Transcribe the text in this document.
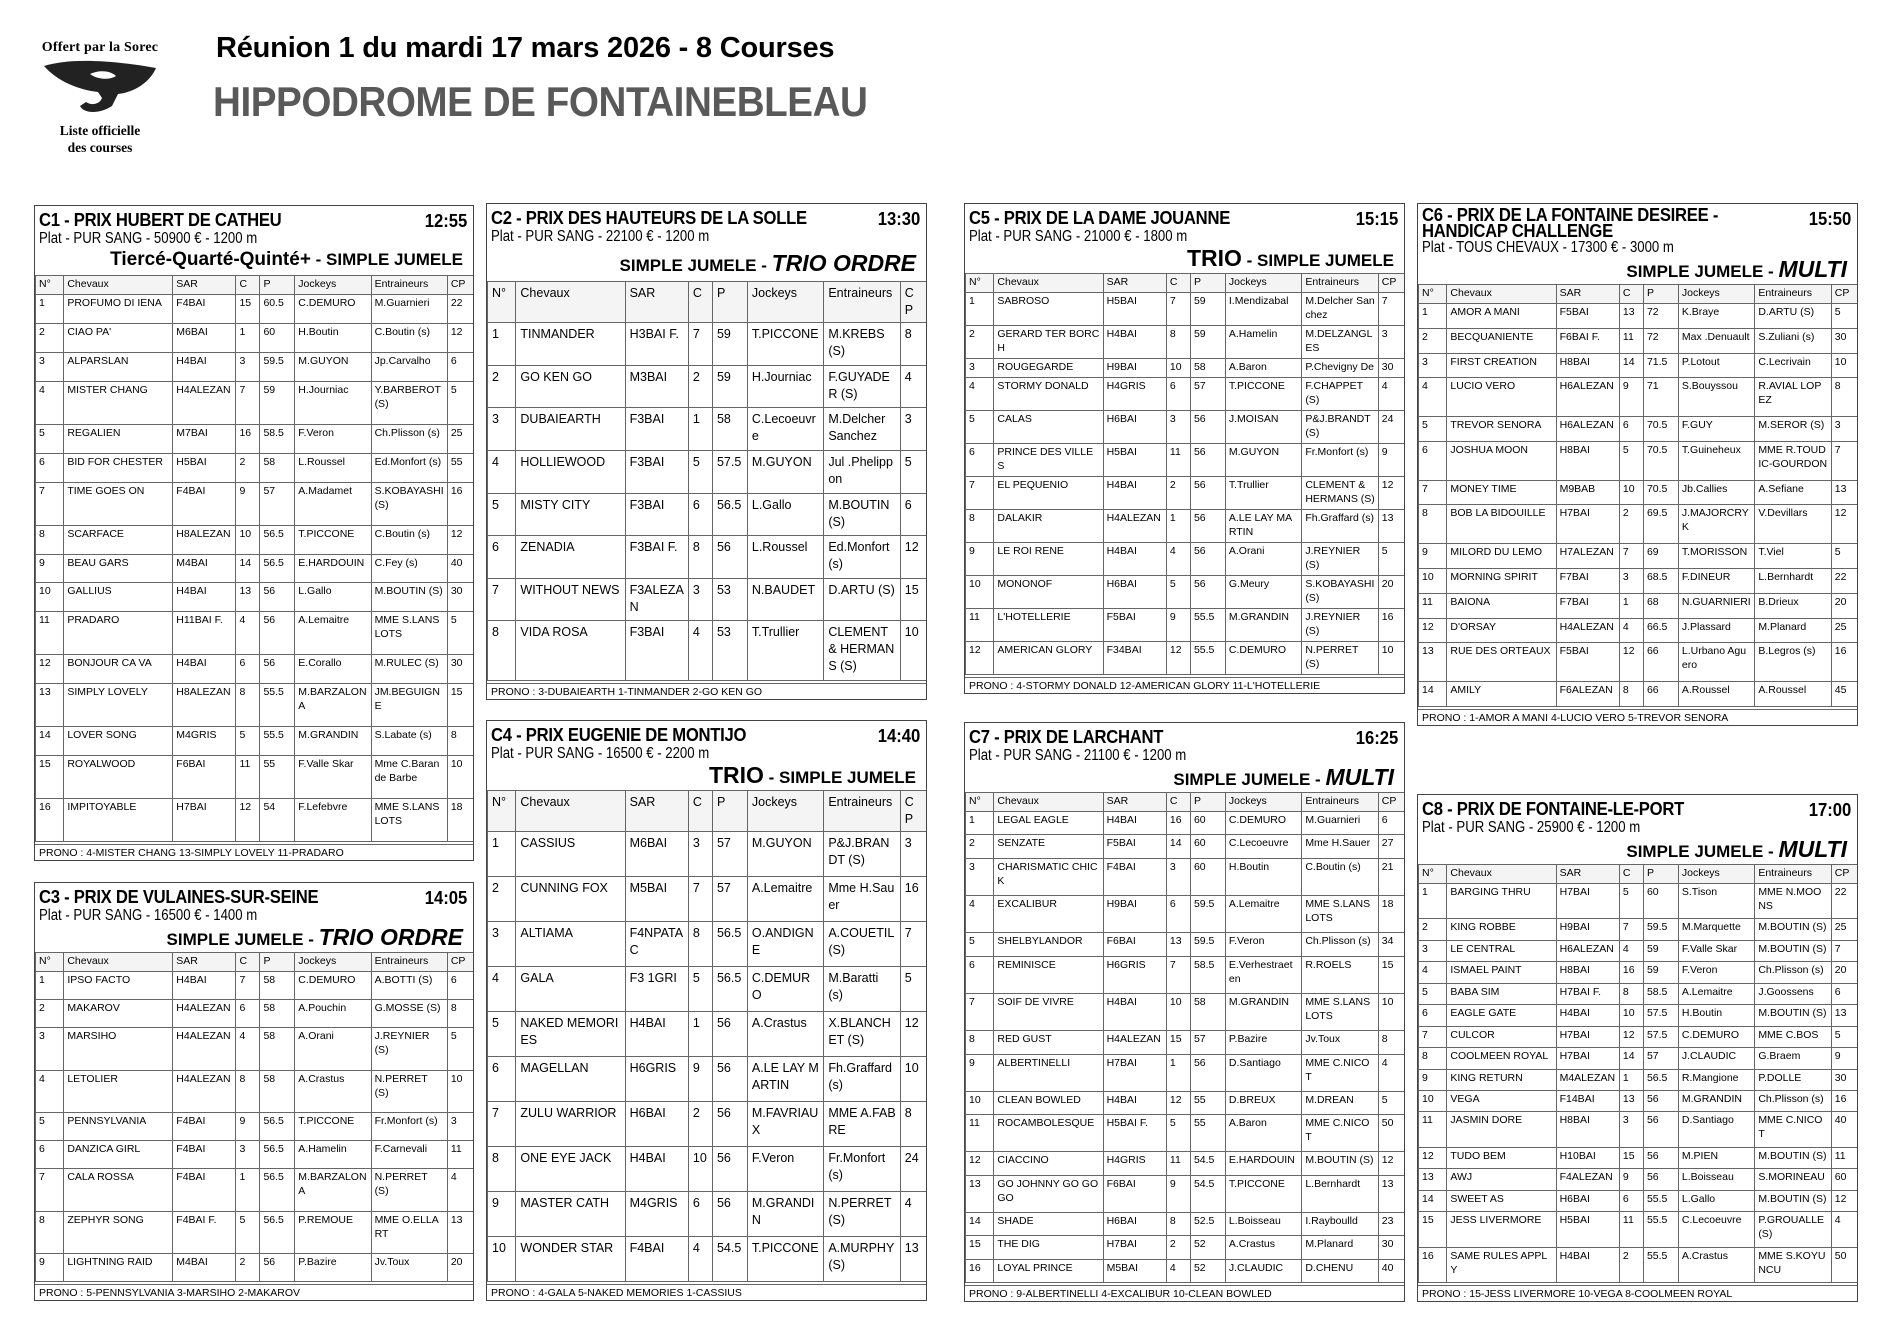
Offert par la Sorec
Liste officielle
des courses
Réunion 1 du mardi 17 mars 2026 - 8 Courses
HIPPODROME DE FONTAINEBLEAU
C1 - PRIX HUBERT DE CATHEU	12:55
Plat - PUR SANG - 50900 € - 1200 m
Tiercé-Quarté-Quinté+ - SIMPLE JUMELE
N°	Chevaux	SAR	C	P	Jockeys	Entraineurs	CP
1	PROFUMO DI IENA	F4BAI	15	60.5	C.DEMURO	M.Guarnieri	22
2	CIAO PA'	M6BAI	1	60	H.Boutin	C.Boutin (s)	12
3	ALPARSLAN	H4BAI	3	59.5	M.GUYON	Jp.Carvalho	6
4	MISTER CHANG	H4ALEZAN	7	59	H.Journiac	Y.BARBEROT (S)	5
5	REGALIEN	M7BAI	16	58.5	F.Veron	Ch.Plisson (s)	25
6	BID FOR CHESTER	H5BAI	2	58	L.Roussel	Ed.Monfort (s)	55
7	TIME GOES ON	F4BAI	9	57	A.Madamet	S.KOBAYASHI (S)	16
8	SCARFACE	H8ALEZAN	10	56.5	T.PICCONE	C.Boutin (s)	12
9	BEAU GARS	M4BAI	14	56.5	E.HARDOUIN	C.Fey (s)	40
10	GALLIUS	H4BAI	13	56	L.Gallo	M.BOUTIN (S)	30
11	PRADARO	H11BAI F.	4	56	A.Lemaitre	MME S.LANSLOTS	5
12	BONJOUR CA VA	H4BAI	6	56	E.Corallo	M.RULEC (S)	30
13	SIMPLY LOVELY	H8ALEZAN	8	55.5	M.BARZALONA	JM.BEGUIGNE	15
14	LOVER SONG	M4GRIS	5	55.5	M.GRANDIN	S.Labate (s)	8
15	ROYALWOOD	F6BAI	11	55	F.Valle Skar	Mme C.Barande Barbe	10
16	IMPITOYABLE	H7BAI	12	54	F.Lefebvre	MME S.LANSLOTS	18
PRONO : 4-MISTER CHANG 13-SIMPLY LOVELY 11-PRADARO
C2 - PRIX DES HAUTEURS DE LA SOLLE	13:30
Plat - PUR SANG - 22100 € - 1200 m
SIMPLE JUMELE - TRIO ORDRE
N°	Chevaux	SAR	C	P	Jockeys	Entraineurs	CP
1	TINMANDER	H3BAI F.	7	59	T.PICCONE	M.KREBS (S)	8
2	GO KEN GO	M3BAI	2	59	H.Journiac	F.GUYADER (S)	4
3	DUBAIEARTH	F3BAI	1	58	C.Lecoeuvre	M.Delcher Sanchez	3
4	HOLLIEWOOD	F3BAI	5	57.5	M.GUYON	Jul .Phelippon	5
5	MISTY CITY	F3BAI	6	56.5	L.Gallo	M.BOUTIN (S)	6
6	ZENADIA	F3BAI F.	8	56	L.Roussel	Ed.Monfort (s)	12
7	WITHOUT NEWS	F3ALEZAN	3	53	N.BAUDET	D.ARTU (S)	15
8	VIDA ROSA	F3BAI	4	53	T.Trullier	CLEMENT & HERMANS (S)	10
PRONO : 3-DUBAIEARTH 1-TINMANDER 2-GO KEN GO
C3 - PRIX DE VULAINES-SUR-SEINE	14:05
Plat - PUR SANG - 16500 € - 1400 m
SIMPLE JUMELE - TRIO ORDRE
N°	Chevaux	SAR	C	P	Jockeys	Entraineurs	CP
1	IPSO FACTO	H4BAI	7	58	C.DEMURO	A.BOTTI (S)	6
2	MAKAROV	H4ALEZAN	6	58	A.Pouchin	G.MOSSE (S)	8
3	MARSIHO	H4ALEZAN	4	58	A.Orani	J.REYNIER (S)	5
4	LETOLIER	H4ALEZAN	8	58	A.Crastus	N.PERRET (S)	10
5	PENNSYLVANIA	F4BAI	9	56.5	T.PICCONE	Fr.Monfort (s)	3
6	DANZICA GIRL	F4BAI	3	56.5	A.Hamelin	F.Carnevali	11
7	CALA ROSSA	F4BAI	1	56.5	M.BARZALONA	N.PERRET (S)	4
8	ZEPHYR SONG	F4BAI F.	5	56.5	P.REMOUE	MME O.ELLART	13
9	LIGHTNING RAID	M4BAI	2	56	P.Bazire	Jv.Toux	20
PRONO : 5-PENNSYLVANIA 3-MARSIHO 2-MAKAROV
C4 - PRIX EUGENIE DE MONTIJO	14:40
Plat - PUR SANG - 16500 € - 2200 m
TRIO - SIMPLE JUMELE
N°	Chevaux	SAR	C	P	Jockeys	Entraineurs	CP
1	CASSIUS	M6BAI	3	57	M.GUYON	P&J.BRANDT (S)	3
2	CUNNING FOX	M5BAI	7	57	A.Lemaitre	Mme H.Sauer	16
3	ALTIAMA	F4NPATAC	8	56.5	O.ANDIGNE	A.COUETIL (S)	7
4	GALA	F3 1GRI	5	56.5	C.DEMURO	M.Baratti (s)	5
5	NAKED MEMORIES	H4BAI	1	56	A.Crastus	X.BLANCHET (S)	12
6	MAGELLAN	H6GRIS	9	56	A.LE LAY MARTIN	Fh.Graffard (s)	10
7	ZULU WARRIOR	H6BAI	2	56	M.FAVRIAUX	MME A.FABRE	8
8	ONE EYE JACK	H4BAI	10	56	F.Veron	Fr.Monfort (s)	24
9	MASTER CATH	M4GRIS	6	56	M.GRANDIN	N.PERRET (S)	4
10	WONDER STAR	F4BAI	4	54.5	T.PICCONE	A.MURPHY (S)	13
PRONO : 4-GALA 5-NAKED MEMORIES 1-CASSIUS
C5 - PRIX DE LA DAME JOUANNE	15:15
Plat - PUR SANG - 21000 € - 1800 m
TRIO - SIMPLE JUMELE
N°	Chevaux	SAR	C	P	Jockeys	Entraineurs	CP
1	SABROSO	H5BAI	7	59	I.Mendizabal	M.Delcher Sanchez	7
2	GERARD TER BORCH	H4BAI	8	59	A.Hamelin	M.DELZANGLES	3
3	ROUGEGARDE	H9BAI	10	58	A.Baron	P.Chevigny De	30
4	STORMY DONALD	H4GRIS	6	57	T.PICCONE	F.CHAPPET (S)	4
5	CALAS	H6BAI	3	56	J.MOISAN	P&J.BRANDT (S)	24
6	PRINCE DES VILLES	H5BAI	11	56	M.GUYON	Fr.Monfort (s)	9
7	EL PEQUENIO	H4BAI	2	56	T.Trullier	CLEMENT & HERMANS (S)	12
8	DALAKIR	H4ALEZAN	1	56	A.LE LAY MARTIN	Fh.Graffard (s)	13
9	LE ROI RENE	H4BAI	4	56	A.Orani	J.REYNIER (S)	5
10	MONONOF	H6BAI	5	56	G.Meury	S.KOBAYASHI (S)	20
11	L'HOTELLERIE	F5BAI	9	55.5	M.GRANDIN	J.REYNIER (S)	16
12	AMERICAN GLORY	F34BAI	12	55.5	C.DEMURO	N.PERRET (S)	10
PRONO : 4-STORMY DONALD 12-AMERICAN GLORY 11-L'HOTELLERIE
C6 - PRIX DE LA FONTAINE DESIREE - HANDICAP CHALLENGE
15:50
Plat - TOUS CHEVAUX - 17300 € - 3000 m
SIMPLE JUMELE - MULTI
N°	Chevaux	SAR	C	P	Jockeys	Entraineurs	CP
1	AMOR A MANI	F5BAI	13	72	K.Braye	D.ARTU (S)	5
2	BECQUANIENTE	F6BAI F.	11	72	Max .Denuault	S.Zuliani (s)	30
3	FIRST CREATION	H8BAI	14	71.5	P.Lotout	C.Lecrivain	10
4	LUCIO VERO	H6ALEZAN	9	71	S.Bouyssou	R.AVIAL LOPEZ	8
5	TREVOR SENORA	H6ALEZAN	6	70.5	F.GUY	M.SEROR (S)	3
6	JOSHUA MOON	H8BAI	5	70.5	T.Guineheux	MME R.TOUDIC-GOURDON	7
7	MONEY TIME	M9BAB	10	70.5	Jb.Callies	A.Sefiane	13
8	BOB LA BIDOUILLE	H7BAI	2	69.5	J.MAJORCRYK	V.Devillars	12
9	MILORD DU LEMO	H7ALEZAN	7	69	T.MORISSON	T.Viel	5
10	MORNING SPIRIT	F7BAI	3	68.5	F.DINEUR	L.Bernhardt	22
11	BAIONA	F7BAI	1	68	N.GUARNIERI	B.Drieux	20
12	D'ORSAY	H4ALEZAN	4	66.5	J.Plassard	M.Planard	25
13	RUE DES ORTEAUX	F5BAI	12	66	L.Urbano Aguero	B.Legros (s)	16
14	AMILY	F6ALEZAN	8	66	A.Roussel	A.Roussel	45
PRONO : 1-AMOR A MANI 4-LUCIO VERO 5-TREVOR SENORA
C7 - PRIX DE LARCHANT	16:25
Plat - PUR SANG - 21100 € - 1200 m
SIMPLE JUMELE - MULTI
N°	Chevaux	SAR	C	P	Jockeys	Entraineurs	CP
1	LEGAL EAGLE	H4BAI	16	60	C.DEMURO	M.Guarnieri	6
2	SENZATE	F5BAI	14	60	C.Lecoeuvre	Mme H.Sauer	27
3	CHARISMATIC CHICK	F4BAI	3	60	H.Boutin	C.Boutin (s)	21
4	EXCALIBUR	H9BAI	6	59.5	A.Lemaitre	MME S.LANSLOTS	18
5	SHELBYLANDOR	F6BAI	13	59.5	F.Veron	Ch.Plisson (s)	34
6	REMINISCE	H6GRIS	7	58.5	E.Verhestraeten	R.ROELS	15
7	SOIF DE VIVRE	H4BAI	10	58	M.GRANDIN	MME S.LANSLOTS	10
8	RED GUST	H4ALEZAN	15	57	P.Bazire	Jv.Toux	8
9	ALBERTINELLI	H7BAI	1	56	D.Santiago	MME C.NICOT	4
10	CLEAN BOWLED	H4BAI	12	55	D.BREUX	M.DREAN	5
11	ROCAMBOLESQUE	H5BAI F.	5	55	A.Baron	MME C.NICOT	50
12	CIACCINO	H4GRIS	11	54.5	E.HARDOUIN	M.BOUTIN (S)	12
13	GO JOHNNY GO GO GO	F6BAI	9	54.5	T.PICCONE	L.Bernhardt	13
14	SHADE	H6BAI	8	52.5	L.Boisseau	I.Rayboulld	23
15	THE DIG	H7BAI	2	52	A.Crastus	M.Planard	30
16	LOYAL PRINCE	M5BAI	4	52	J.CLAUDIC	D.CHENU	40
PRONO : 9-ALBERTINELLI 4-EXCALIBUR 10-CLEAN BOWLED
C8 - PRIX DE FONTAINE-LE-PORT	17:00
Plat - PUR SANG - 25900 € - 1200 m
SIMPLE JUMELE - MULTI
N°	Chevaux	SAR	C	P	Jockeys	Entraineurs	CP
1	BARGING THRU	H7BAI	5	60	S.Tison	MME N.MOONS	22
2	KING ROBBE	H9BAI	7	59.5	M.Marquette	M.BOUTIN (S)	25
3	LE CENTRAL	H6ALEZAN	4	59	F.Valle Skar	M.BOUTIN (S)	7
4	ISMAEL PAINT	H8BAI	16	59	F.Veron	Ch.Plisson (s)	20
5	BABA SIM	H7BAI F.	8	58.5	A.Lemaitre	J.Goossens	6
6	EAGLE GATE	H4BAI	10	57.5	H.Boutin	M.BOUTIN (S)	13
7	CULCOR	H7BAI	12	57.5	C.DEMURO	MME C.BOS	5
8	COOLMEEN ROYAL	H7BAI	14	57	J.CLAUDIC	G.Braem	9
9	KING RETURN	M4ALEZAN	1	56.5	R.Mangione	P.DOLLE	30
10	VEGA	F14BAI	13	56	M.GRANDIN	Ch.Plisson (s)	16
11	JASMIN DORE	H8BAI	3	56	D.Santiago	MME C.NICOT	40
12	TUDO BEM	H10BAI	15	56	M.PIEN	M.BOUTIN (S)	11
13	AWJ	F4ALEZAN	9	56	L.Boisseau	S.MORINEAU	60
14	SWEET AS	H6BAI	6	55.5	L.Gallo	M.BOUTIN (S)	12
15	JESS LIVERMORE	H5BAI	11	55.5	C.Lecoeuvre	P.GROUALLE (S)	4
16	SAME RULES APPLY	H4BAI	2	55.5	A.Crastus	MME S.KOYUNCU	50
PRONO : 15-JESS LIVERMORE 10-VEGA 8-COOLMEEN ROYAL
